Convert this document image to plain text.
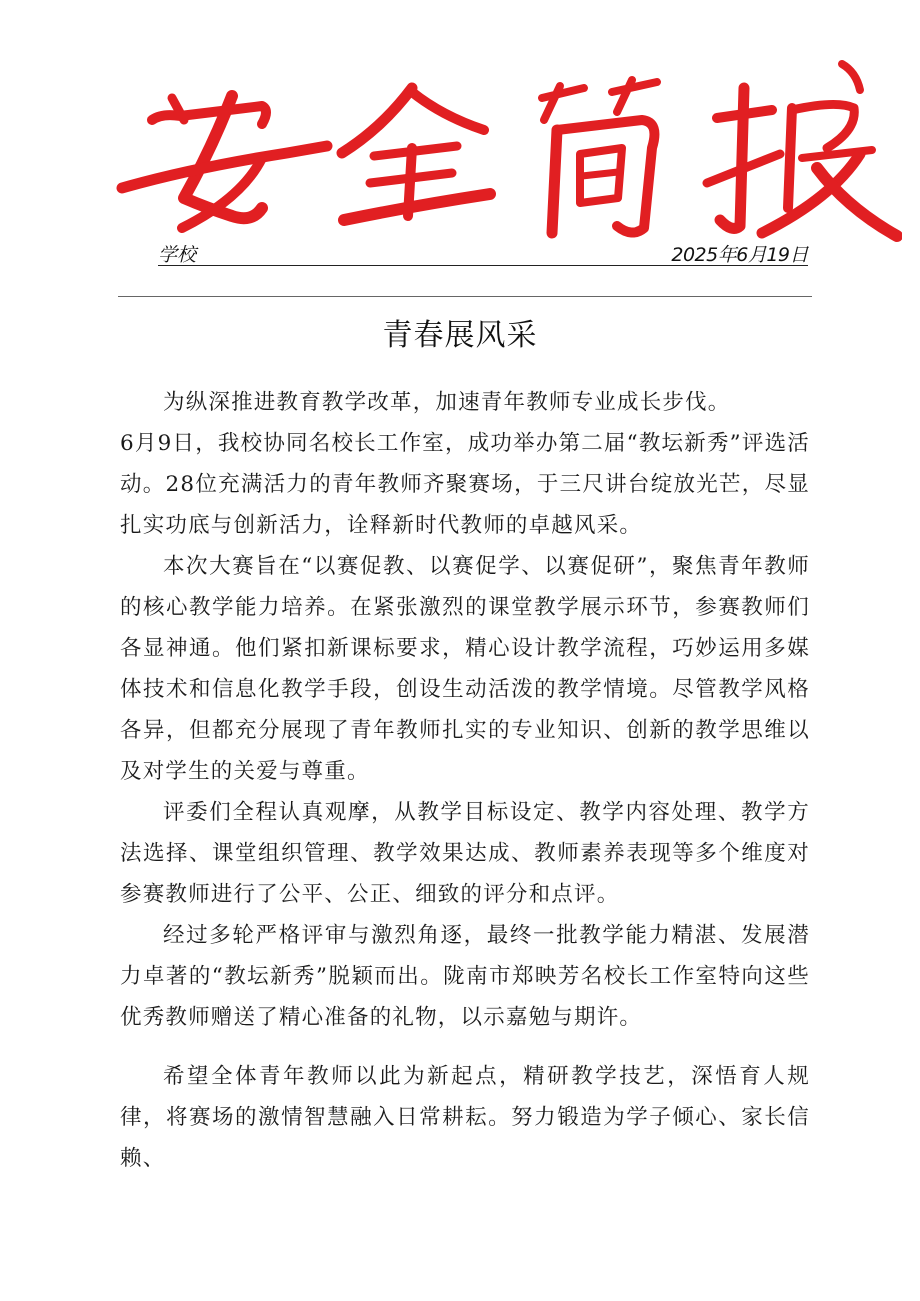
学校	2025年6月19日
青春展风采

为纵深推进教育教学改革，加速青年教师专业成长步伐。

6月9日，我校协同名校长工作室，成功举办第二届“教坛新秀”评选活动。28位充满活力的青年教师齐聚赛场，于三尺讲台绽放光芒，尽显扎实功底与创新活力，诠释新时代教师的卓越风采。

本次大赛旨在“以赛促教、以赛促学、以赛促研”，聚焦青年教师的核心教学能力培养。在紧张激烈的课堂教学展示环节，参赛教师们各显神通。他们紧扣新课标要求，精心设计教学流程，巧妙运用多媒体技术和信息化教学手段，创设生动活泼的教学情境。尽管教学风格各异，但都充分展现了青年教师扎实的专业知识、创新的教学思维以及对学生的关爱与尊重。

评委们全程认真观摩，从教学目标设定、教学内容处理、教学方法选择、课堂组织管理、教学效果达成、教师素养表现等多个维度对参赛教师进行了公平、公正、细致的评分和点评。

经过多轮严格评审与激烈角逐，最终一批教学能力精湛、发展潜力卓著的“教坛新秀”脱颖而出。陇南市郑映芳名校长工作室特向这些优秀教师赠送了精心准备的礼物，以示嘉勉与期许。

希望全体青年教师以此为新起点，精研教学技艺，深悟育人规律，将赛场的激情智慧融入日常耕耘。努力锻造为学子倾心、家长信赖、
